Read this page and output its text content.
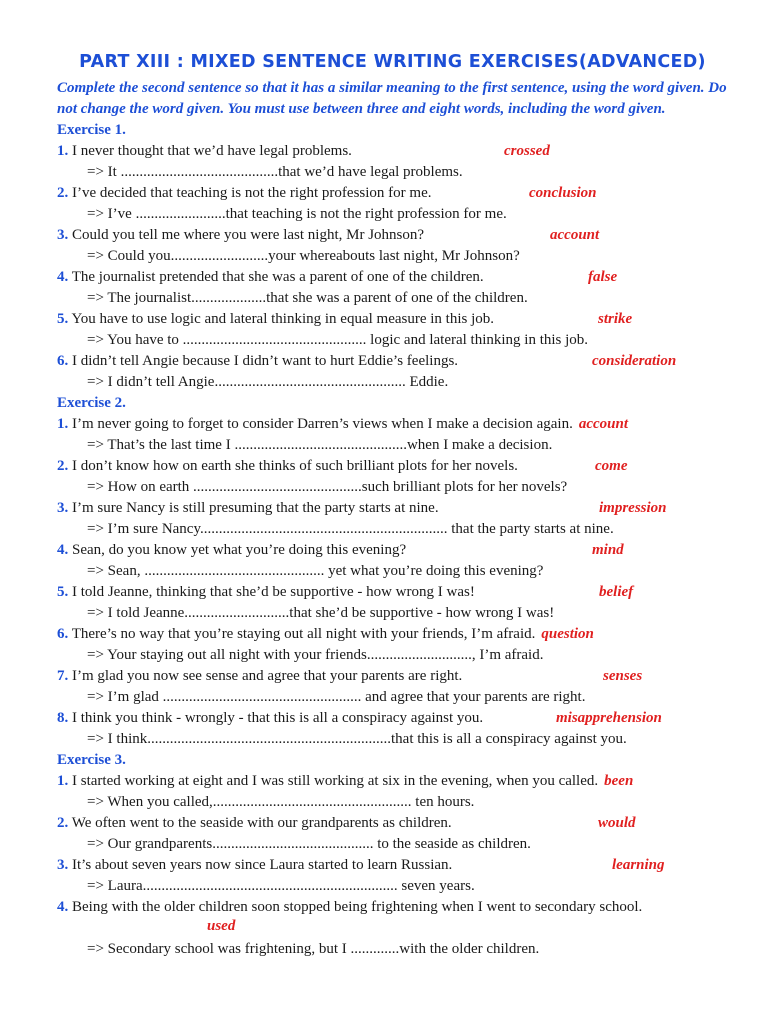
PART XIII : MIXED SENTENCE WRITING EXERCISES(ADVANCED)
Complete the second sentence so that it has a similar meaning to the first sentence, using the word given. Do not change the word given. You must use between three and eight words, including the word given.
Exercise 1.
1. I never thought that we’d have legal problems.	crossed
=> It ..........................................that we’d have legal problems.
2. I’ve decided that teaching is not the right profession for me.	conclusion
=> I’ve ........................that teaching is not the right profession for me.
3. Could you tell me where you were last night, Mr Johnson?	account
=> Could you..........................your whereabouts last night, Mr Johnson?
4. The journalist pretended that she was a parent of one of the children.	false
=> The journalist....................that she was a parent of one of the children.
5. You have to use logic and lateral thinking in equal measure in this job.	strike
=> You have to ................................................. logic and lateral thinking in this job.
6. I didn’t tell Angie because I didn’t want to hurt Eddie’s feelings.	consideration
=> I didn’t tell Angie................................................... Eddie.
Exercise 2.
1. I’m never going to forget to consider Darren’s views when I make a decision again. account
=> That’s the last time I ..............................................when I make a decision.
2. I don’t know how on earth she thinks of such brilliant plots for her novels.	come
=> How on earth .............................................such brilliant plots for her novels?
3. I’m sure Nancy is still presuming that the party starts at nine.	impression
=> I’m sure Nancy.................................................................. that the party starts at nine.
4. Sean, do you know yet what you’re doing this evening?	mind
=> Sean, ................................................ yet what you’re doing this evening?
5. I told Jeanne, thinking that she’d be supportive - how wrong I was!	belief
=> I told Jeanne............................that she’d be supportive - how wrong I was!
6. There’s no way that you’re staying out all night with your friends, I’m afraid. question
=> Your staying out all night with your friends............................, I’m afraid.
7. I’m glad you now see sense and agree that your parents are right.	senses
=> I’m glad ..................................................... and agree that your parents are right.
8. I think you think - wrongly - that this is all a conspiracy against you.	misapprehension
=> I think.................................................................that this is all a conspiracy against you.
Exercise 3.
1. I started working at eight and I was still working at six in the evening, when you called. been
=> When you called,..................................................... ten hours.
2. We often went to the seaside with our grandparents as children.	would
=> Our grandparents........................................... to the seaside as children.
3. It’s about seven years now since Laura started to learn Russian.	learning
=> Laura.................................................................... seven years.
4. Being with the older children soon stopped being frightening when I went to secondary school.
used
=> Secondary school was frightening, but I .............with the older children.
